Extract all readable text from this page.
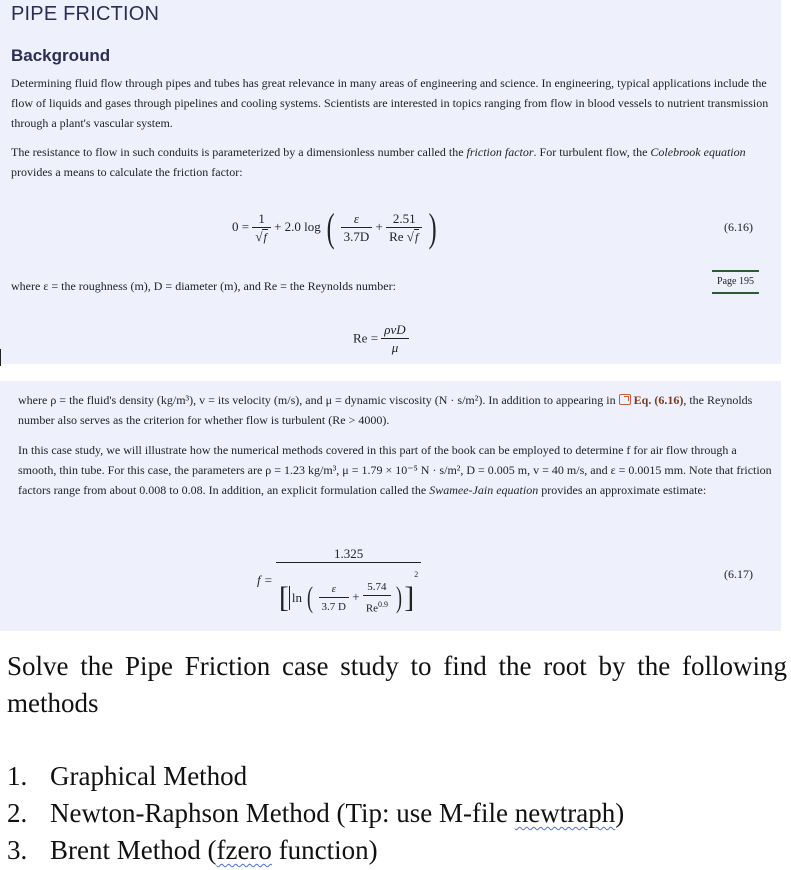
PIPE FRICTION
Background
Determining fluid flow through pipes and tubes has great relevance in many areas of engineering and science. In engineering, typical applications include the flow of liquids and gases through pipelines and cooling systems. Scientists are interested in topics ranging from flow in blood vessels to nutrient transmission through a plant's vascular system.
The resistance to flow in such conduits is parameterized by a dimensionless number called the friction factor. For turbulent flow, the Colebrook equation provides a means to calculate the friction factor:
$0 = \frac{1}{√f} + 2.0$ log ( $\frac{\varepsilon}{3.7D} + \frac{2.51}{Re √f}$ )	(6.16)
where ε = the roughness (m), D = diameter (m), and Re = the Reynolds number:	Page 195
$Re = \frac{\text{ρvD}}{\mu}$
where ρ = the fluid's density (kg/m³), v = its velocity (m/s), and μ = dynamic viscosity (N · s/m²). In addition to appearing in Eq. (6.16), the Reynolds number also serves as the criterion for whether flow is turbulent (Re > 4000).
In this case study, we will illustrate how the numerical methods covered in this part of the book can be employed to determine f for air flow through a smooth, thin tube. For this case, the parameters are ρ = 1.23 kg/m³, μ = 1.79 × 10⁻⁵ N · s/m², D = 0.005 m, v = 40 m/s, and ε = 0.0015 mm. Note that friction factors range from about 0.008 to 0.08. In addition, an explicit formulation called the Swamee-Jain equation provides an approximate estimate:
f =
1.325
[ ln ( $\frac{\varepsilon}{3.7 D} + \frac{5.74}{Re^{0.9}} )]^2$	(6.17)
Solve the Pipe Friction case study to find the root by the following methods
1. Graphical Method
2. Newton-Raphson Method (Tip: use M-file newtraph)
3. Brent Method (fzero function)
